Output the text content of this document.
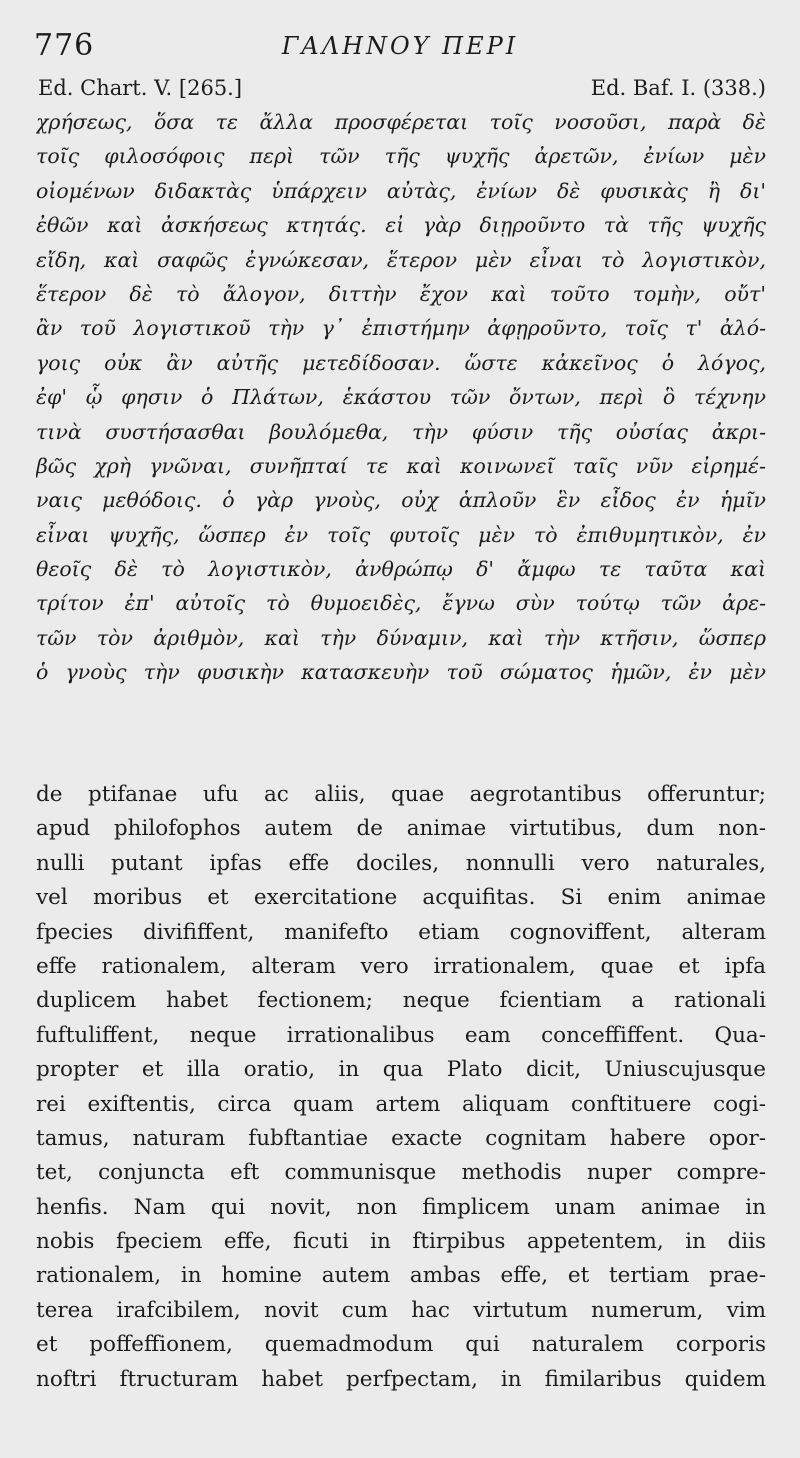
776	ΓΑΛΗΝΟΥ ΠΕΡΙ
Ed. Chart. V. [265.]	Ed. Baf. I. (338.)
χρήσεως, ὅσα τε ἄλλα προσφέρεται τοῖς νοσοῦσι, παρὰ δὲ
τοῖς φιλοσόφοις περὶ τῶν τῆς ψυχῆς ἀρετῶν, ἐνίων μὲν
οἰομένων διδακτὰς ὑπάρχειν αὐτὰς, ἐνίων δὲ φυσικὰς ἢ δι'
ἐθῶν καὶ ἀσκήσεως κτητάς. εἰ γὰρ διῃροῦντο τὰ τῆς ψυχῆς
εἴδη, καὶ σαφῶς ἐγνώκεσαν, ἕτερον μὲν εἶναι τὸ λογιστικὸν,
ἕτερον δὲ τὸ ἄλογον, διττὴν ἔχον καὶ τοῦτο τομὴν, οὔτ'
ἂν τοῦ λογιστικοῦ τὴν γ᾽ ἐπιστήμην ἀφῃροῦντο, τοῖς τ' ἀλό-
γοις οὐκ ἂν αὐτῆς μετεδίδοσαν. ὥστε κἀκεῖνος ὁ λόγος,
ἐφ' ᾧ φησιν ὁ Πλάτων, ἑκάστου τῶν ὄντων, περὶ ὃ τέχνην
τινὰ συστήσασθαι βουλόμεθα, τὴν φύσιν τῆς οὐσίας ἀκρι-
βῶς χρὴ γνῶναι, συνῆπταί τε καὶ κοινωνεῖ ταῖς νῦν εἰρημέ-
ναις μεθόδοις. ὁ γὰρ γνοὺς, οὐχ ἁπλοῦν ἓν εἶδος ἐν ἡμῖν
εἶναι ψυχῆς, ὥσπερ ἐν τοῖς φυτοῖς μὲν τὸ ἐπιθυμητικὸν, ἐν
θεοῖς δὲ τὸ λογιστικὸν, ἀνθρώπῳ δ' ἄμφω τε ταῦτα καὶ
τρίτον ἐπ' αὐτοῖς τὸ θυμοειδὲς, ἔγνω σὺν τούτῳ τῶν ἀρε-
τῶν τὸν ἀριθμὸν, καὶ τὴν δύναμιν, καὶ τὴν κτῆσιν, ὥσπερ
ὁ γνοὺς τὴν φυσικὴν κατασκευὴν τοῦ σώματος ἡμῶν, ἐν μὲν
de ptifanae ufu ac aliis, quae aegrotantibus offeruntur;
apud philofophos autem de animae virtutibus, dum non-
nulli putant ipfas effe dociles, nonnulli vero naturales,
vel moribus et exercitatione acquifitas. Si enim animae
fpecies divififfent, manifefto etiam cognoviffent, alteram
effe rationalem, alteram vero irrationalem, quae et ipfa
duplicem habet fectionem; neque fcientiam a rationali
fuftuliffent, neque irrationalibus eam conceffiffent. Qua-
propter et illa oratio, in qua Plato dicit, Uniuscujusque
rei exiftentis, circa quam artem aliquam conftituere cogi-
tamus, naturam fubftantiae exacte cognitam habere opor-
tet, conjuncta eft communisque methodis nuper compre-
henfis. Nam qui novit, non fimplicem unam animae in
nobis fpeciem effe, ficuti in ftirpibus appetentem, in diis
rationalem, in homine autem ambas effe, et tertiam prae-
terea irafcibilem, novit cum hac virtutum numerum, vim
et poffeffionem, quemadmodum qui naturalem corporis
noftri ftructuram habet perfpectam, in fimilaribus quidem
